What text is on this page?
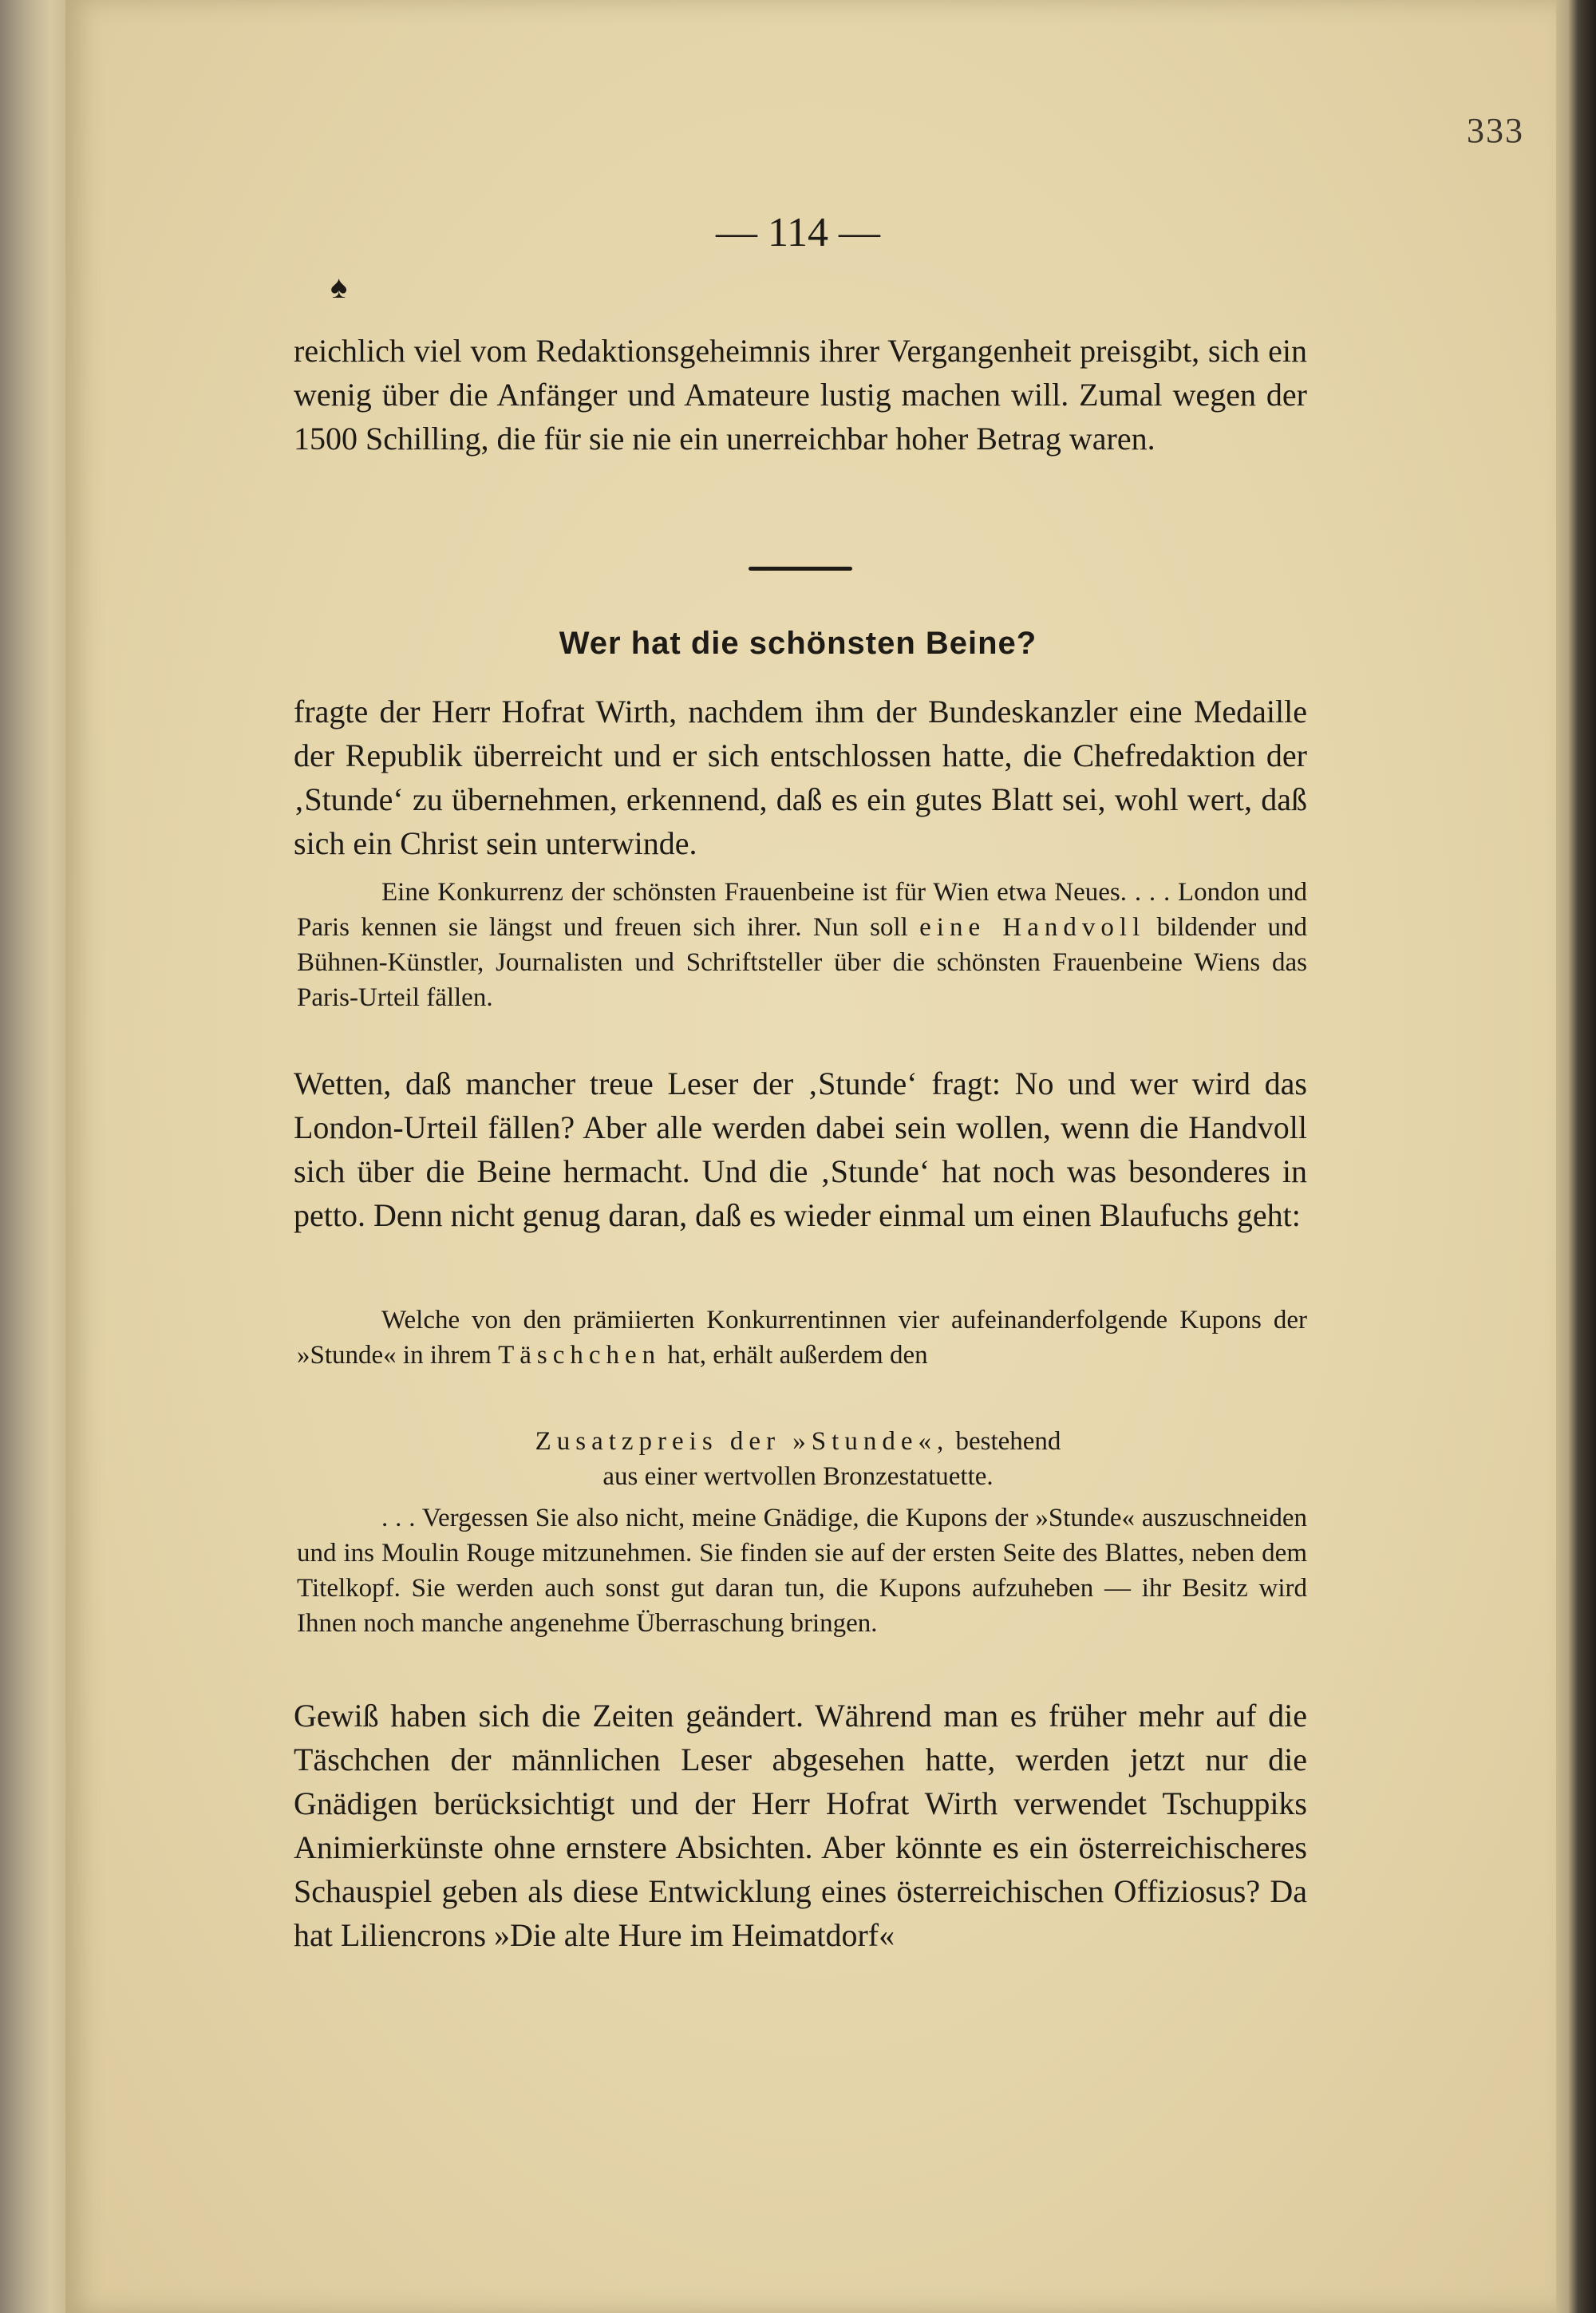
333
— 114 —
♠

reichlich viel vom Redaktionsgeheimnis ihrer Vergangenheit preisgibt, sich ein wenig über die Anfänger und Amateure lustig machen will. Zumal wegen der 1500 Schilling, die für sie nie ein unerreichbar hoher Betrag waren.

Wer hat die schönsten Beine?

fragte der Herr Hofrat Wirth, nachdem ihm der Bundeskanzler eine Medaille der Republik überreicht und er sich entschlossen hatte, die Chefredaktion der ‚Stunde‘ zu übernehmen, erkennend, daß es ein gutes Blatt sei, wohl wert, daß sich ein Christ sein unterwinde.

Eine Konkurrenz der schönsten Frauenbeine ist für Wien etwa Neues. . . . London und Paris kennen sie längst und freuen sich ihrer. Nun soll eine Handvoll bildender und Bühnen-Künstler, Journalisten und Schriftsteller über die schönsten Frauenbeine Wiens das Paris-Urteil fällen.

Wetten, daß mancher treue Leser der ‚Stunde‘ fragt: No und wer wird das London-Urteil fällen? Aber alle werden dabei sein wollen, wenn die Handvoll sich über die Beine hermacht. Und die ‚Stunde‘ hat noch was besonderes in petto. Denn nicht genug daran, daß es wieder einmal um einen Blaufuchs geht:

Welche von den prämiierten Konkurrentinnen vier aufeinanderfolgende Kupons der »Stunde« in ihrem Täschchen hat, erhält außerdem den

Zusatzpreis der »Stunde«, bestehend
aus einer wertvollen Bronzestatuette.

. . . Vergessen Sie also nicht, meine Gnädige, die Kupons der »Stunde« auszuschneiden und ins Moulin Rouge mitzunehmen. Sie finden sie auf der ersten Seite des Blattes, neben dem Titelkopf. Sie werden auch sonst gut daran tun, die Kupons aufzuheben — ihr Besitz wird Ihnen noch manche angenehme Überraschung bringen.

Gewiß haben sich die Zeiten geändert. Während man es früher mehr auf die Täschchen der männlichen Leser abgesehen hatte, werden jetzt nur die Gnädigen berücksichtigt und der Herr Hofrat Wirth verwendet Tschuppiks Animierkünste ohne ernstere Absichten. Aber könnte es ein österreichischeres Schauspiel geben als diese Entwicklung eines österreichischen Offiziosus? Da hat Liliencrons »Die alte Hure im Heimatdorf«
